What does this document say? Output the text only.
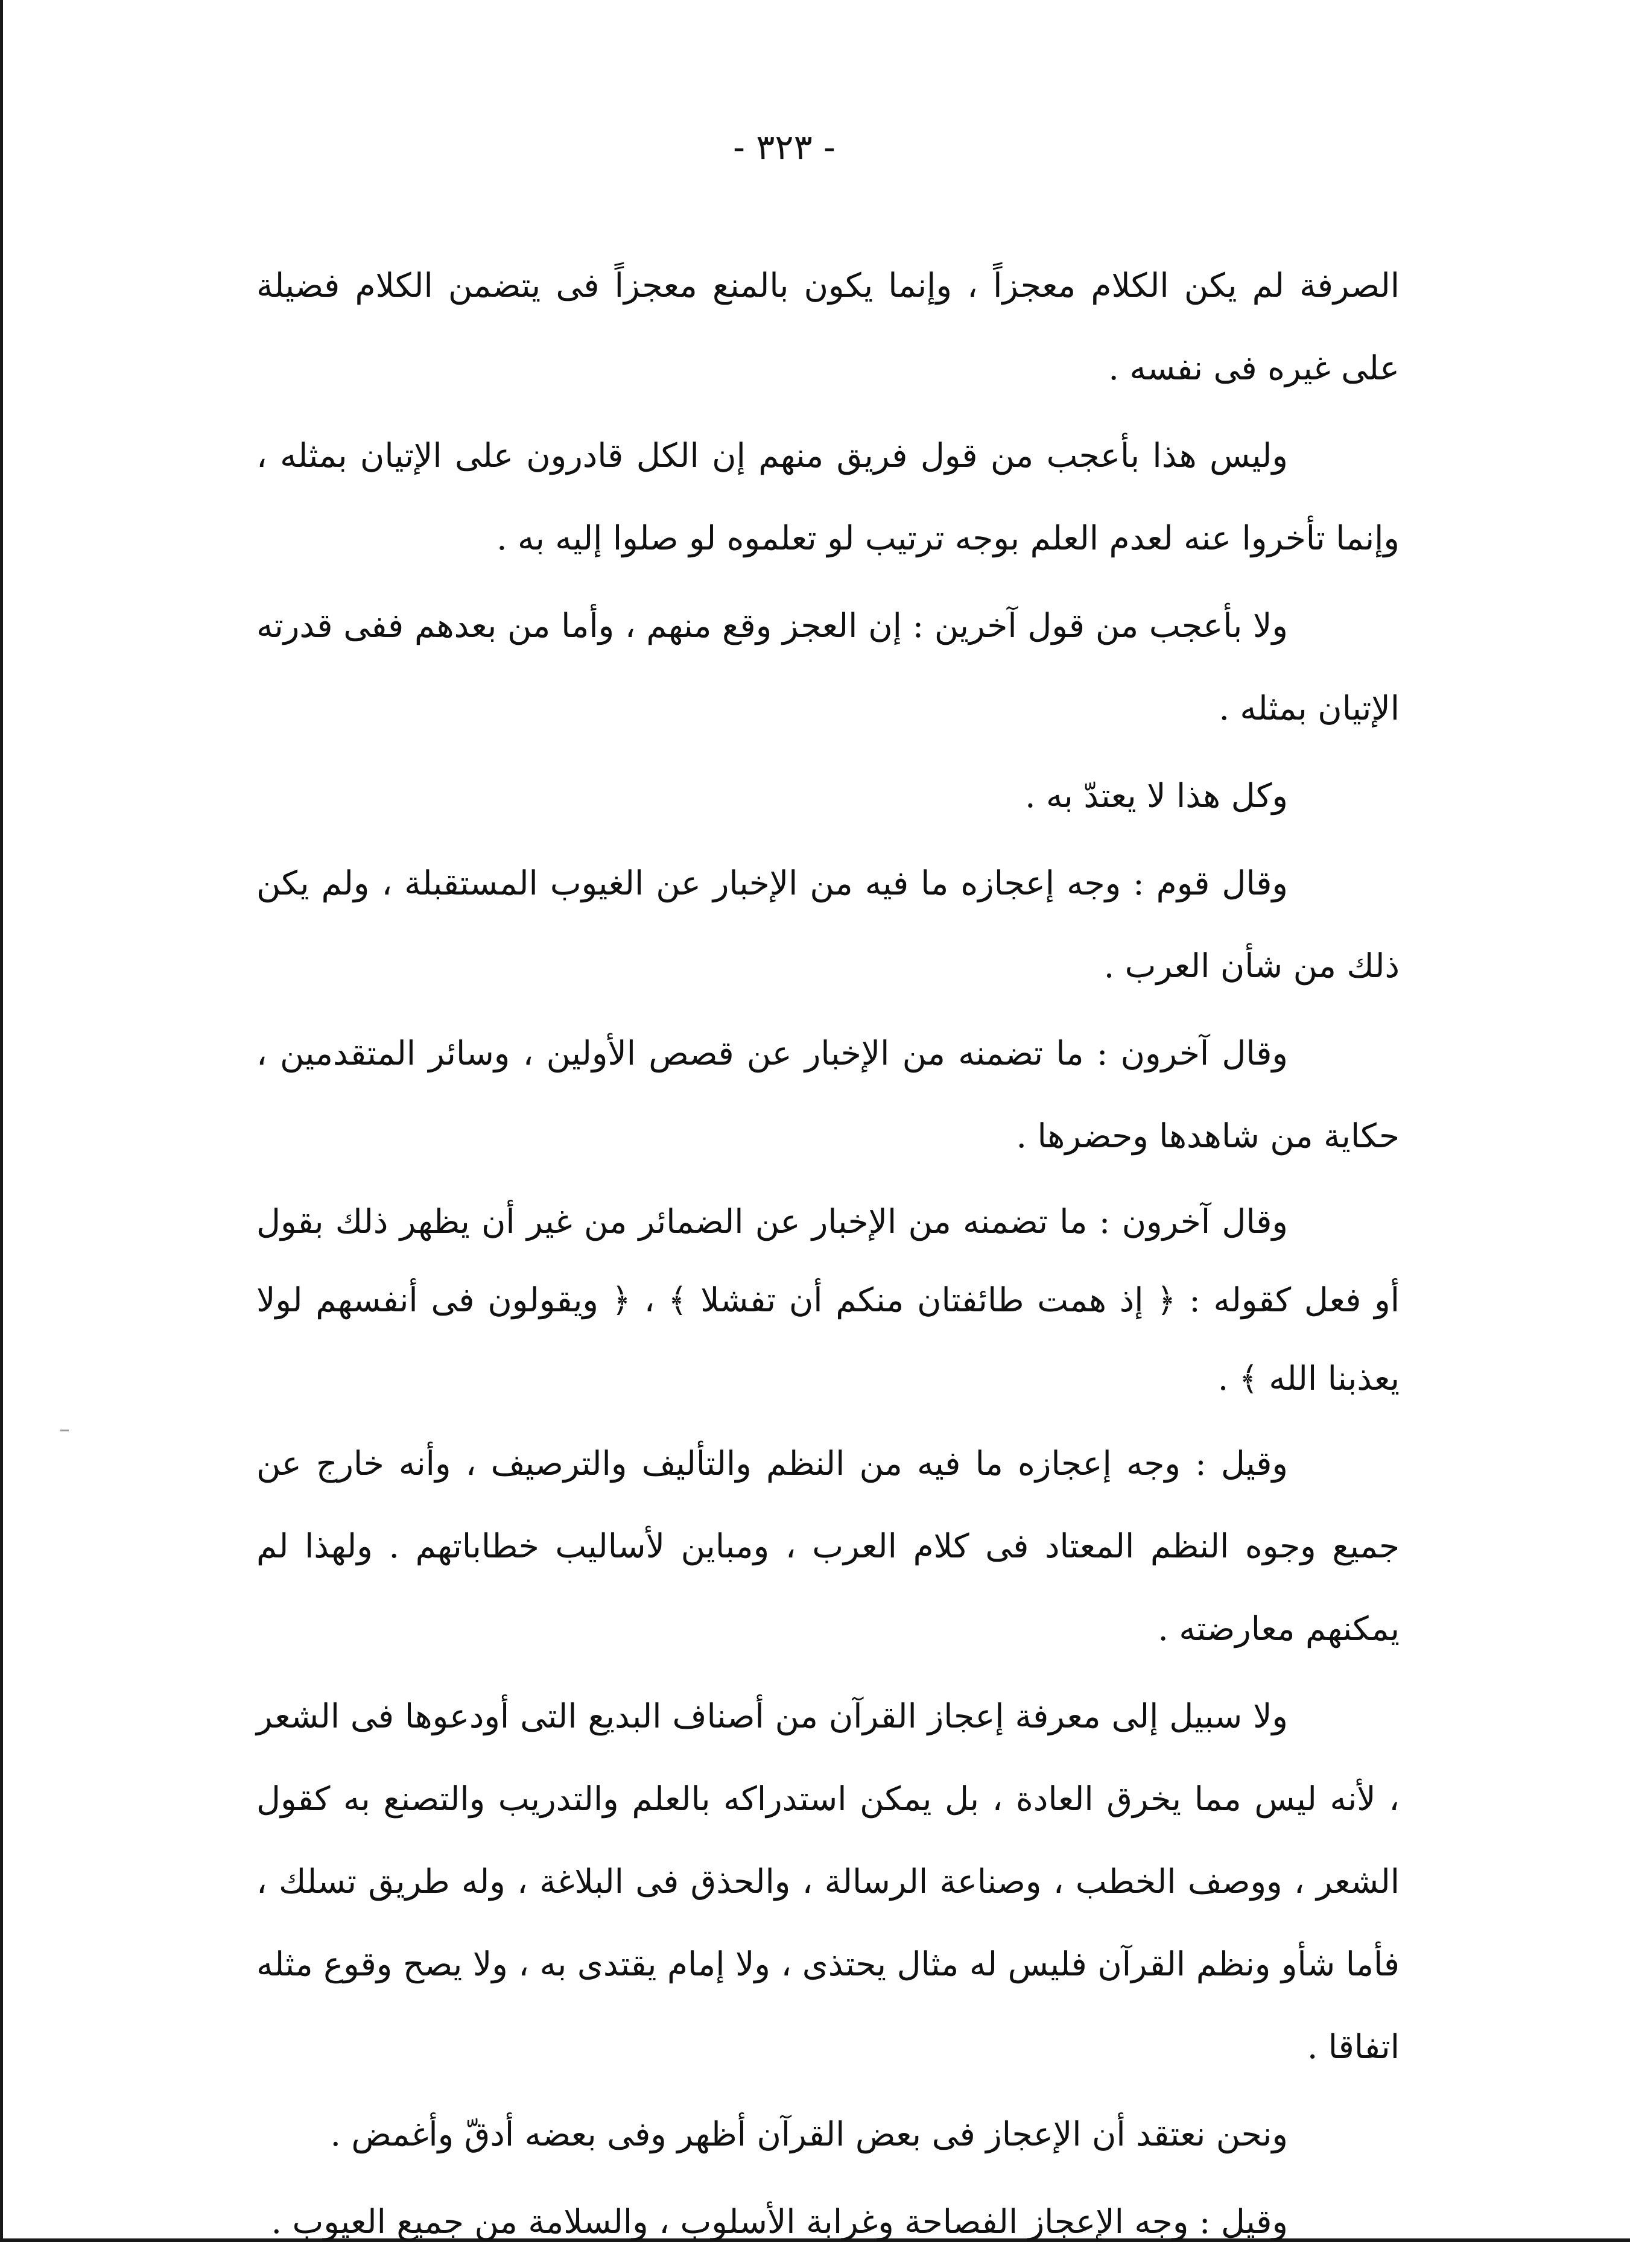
- ٣٢٣ -

الصرفة لم يكن الكلام معجزاً ، وإنما يكون بالمنع معجزاً فى يتضمن الكلام فضيلة على غيره فى نفسه .

وليس هذا بأعجب من قول فريق منهم إن الكل قادرون على الإتيان بمثله ، وإنما تأخروا عنه لعدم العلم بوجه ترتيب لو تعلموه لو صلوا إليه به .

ولا بأعجب من قول آخرين : إن العجز وقع منهم ، وأما من بعدهم ففى قدرته الإتيان بمثله .

وكل هذا لا يعتدّ به .

وقال قوم : وجه إعجازه ما فيه من الإخبار عن الغيوب المستقبلة ، ولم يكن ذلك من شأن العرب .

وقال آخرون : ما تضمنه من الإخبار عن قصص الأولين ، وسائر المتقدمين ، حكاية من شاهدها وحضرها .

وقال آخرون : ما تضمنه من الإخبار عن الضمائر من غير أن يظهر ذلك بقول أو فعل كقوله : ﴿ إذ همت طائفتان منكم أن تفشلا ﴾ ، ﴿ ويقولون فى أنفسهم لولا يعذبنا الله ﴾ .

وقيل : وجه إعجازه ما فيه من النظم والتأليف والترصيف ، وأنه خارج عن جميع وجوه النظم المعتاد فى كلام العرب ، ومباين لأساليب خطاباتهم . ولهذا لم يمكنهم معارضته .

ولا سبيل إلى معرفة إعجاز القرآن من أصناف البديع التى أودعوها فى الشعر ، لأنه ليس مما يخرق العادة ، بل يمكن استدراكه بالعلم والتدريب والتصنع به كقول الشعر ، ووصف الخطب ، وصناعة الرسالة ، والحذق فى البلاغة ، وله طريق تسلك ، فأما شأو ونظم القرآن فليس له مثال يحتذى ، ولا إمام يقتدى به ، ولا يصح وقوع مثله اتفاقا .

ونحن نعتقد أن الإعجاز فى بعض القرآن أظهر وفى بعضه أدقّ وأغمض .

وقيل : وجه الإعجاز الفصاحة وغرابة الأسلوب ، والسلامة من جميع العيوب .
